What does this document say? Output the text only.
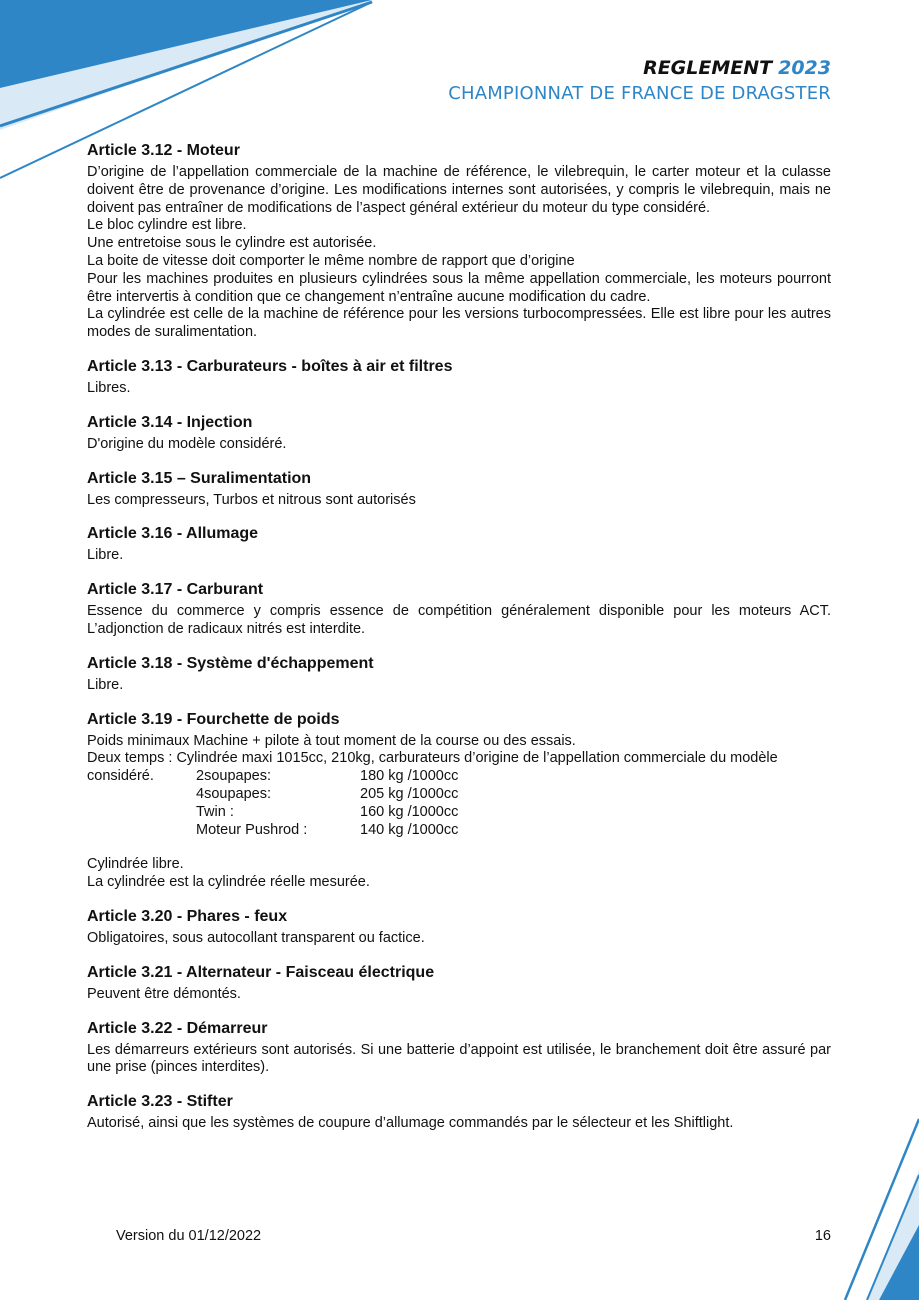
REGLEMENT 2023
CHAMPIONNAT DE FRANCE DE DRAGSTER
Article 3.12 - Moteur

D’origine de l’appellation commerciale de la machine de référence, le vilebrequin, le carter moteur et la culasse doivent être de provenance d’origine. Les modifications internes sont autorisées, y compris le vilebrequin, mais ne doivent pas entraîner de modifications de l’aspect général extérieur du moteur du type considéré.

Le bloc cylindre est libre.

Une entretoise sous le cylindre est autorisée.

La boite de vitesse doit comporter le même nombre de rapport que d’origine

Pour les machines produites en plusieurs cylindrées sous la même appellation commerciale, les moteurs pourront être intervertis à condition que ce changement n’entraîne aucune modification du cadre.

La cylindrée est celle de la machine de référence pour les versions turbocompressées. Elle est libre pour les autres modes de suralimentation.

Article 3.13 - Carburateurs - boîtes à air et filtres

Libres.

Article 3.14 - Injection

D'origine du modèle considéré.

Article 3.15 – Suralimentation

Les compresseurs, Turbos et nitrous sont autorisés

Article 3.16 - Allumage

Libre.

Article 3.17 - Carburant

Essence du commerce y compris essence de compétition généralement disponible pour les moteurs ACT. L’adjonction de radicaux nitrés est interdite.

Article 3.18 - Système d'échappement

Libre.

Article 3.19 - Fourchette de poids

Poids minimaux Machine + pilote à tout moment de la course ou des essais.

Deux temps : Cylindrée maxi 1015cc, 210kg, carburateurs d’origine de l’appellation commerciale du modèle

considéré.	2soupapes:	180 kg /1000cc
	4soupapes:	205 kg /1000cc
	Twin :	160 kg /1000cc
	Moteur Pushrod :	140 kg /1000cc

Cylindrée libre.

La cylindrée est la cylindrée réelle mesurée.

Article 3.20 - Phares - feux

Obligatoires, sous autocollant transparent ou factice.

Article 3.21 - Alternateur - Faisceau électrique

Peuvent être démontés.

Article 3.22 - Démarreur

Les démarreurs extérieurs sont autorisés. Si une batterie d’appoint est utilisée, le branchement doit être assuré par une prise (pinces interdites).

Article 3.23 - Stifter

Autorisé, ainsi que les systèmes de coupure d’allumage commandés par le sélecteur et les Shiftlight.

Version du 01/12/2022	16
